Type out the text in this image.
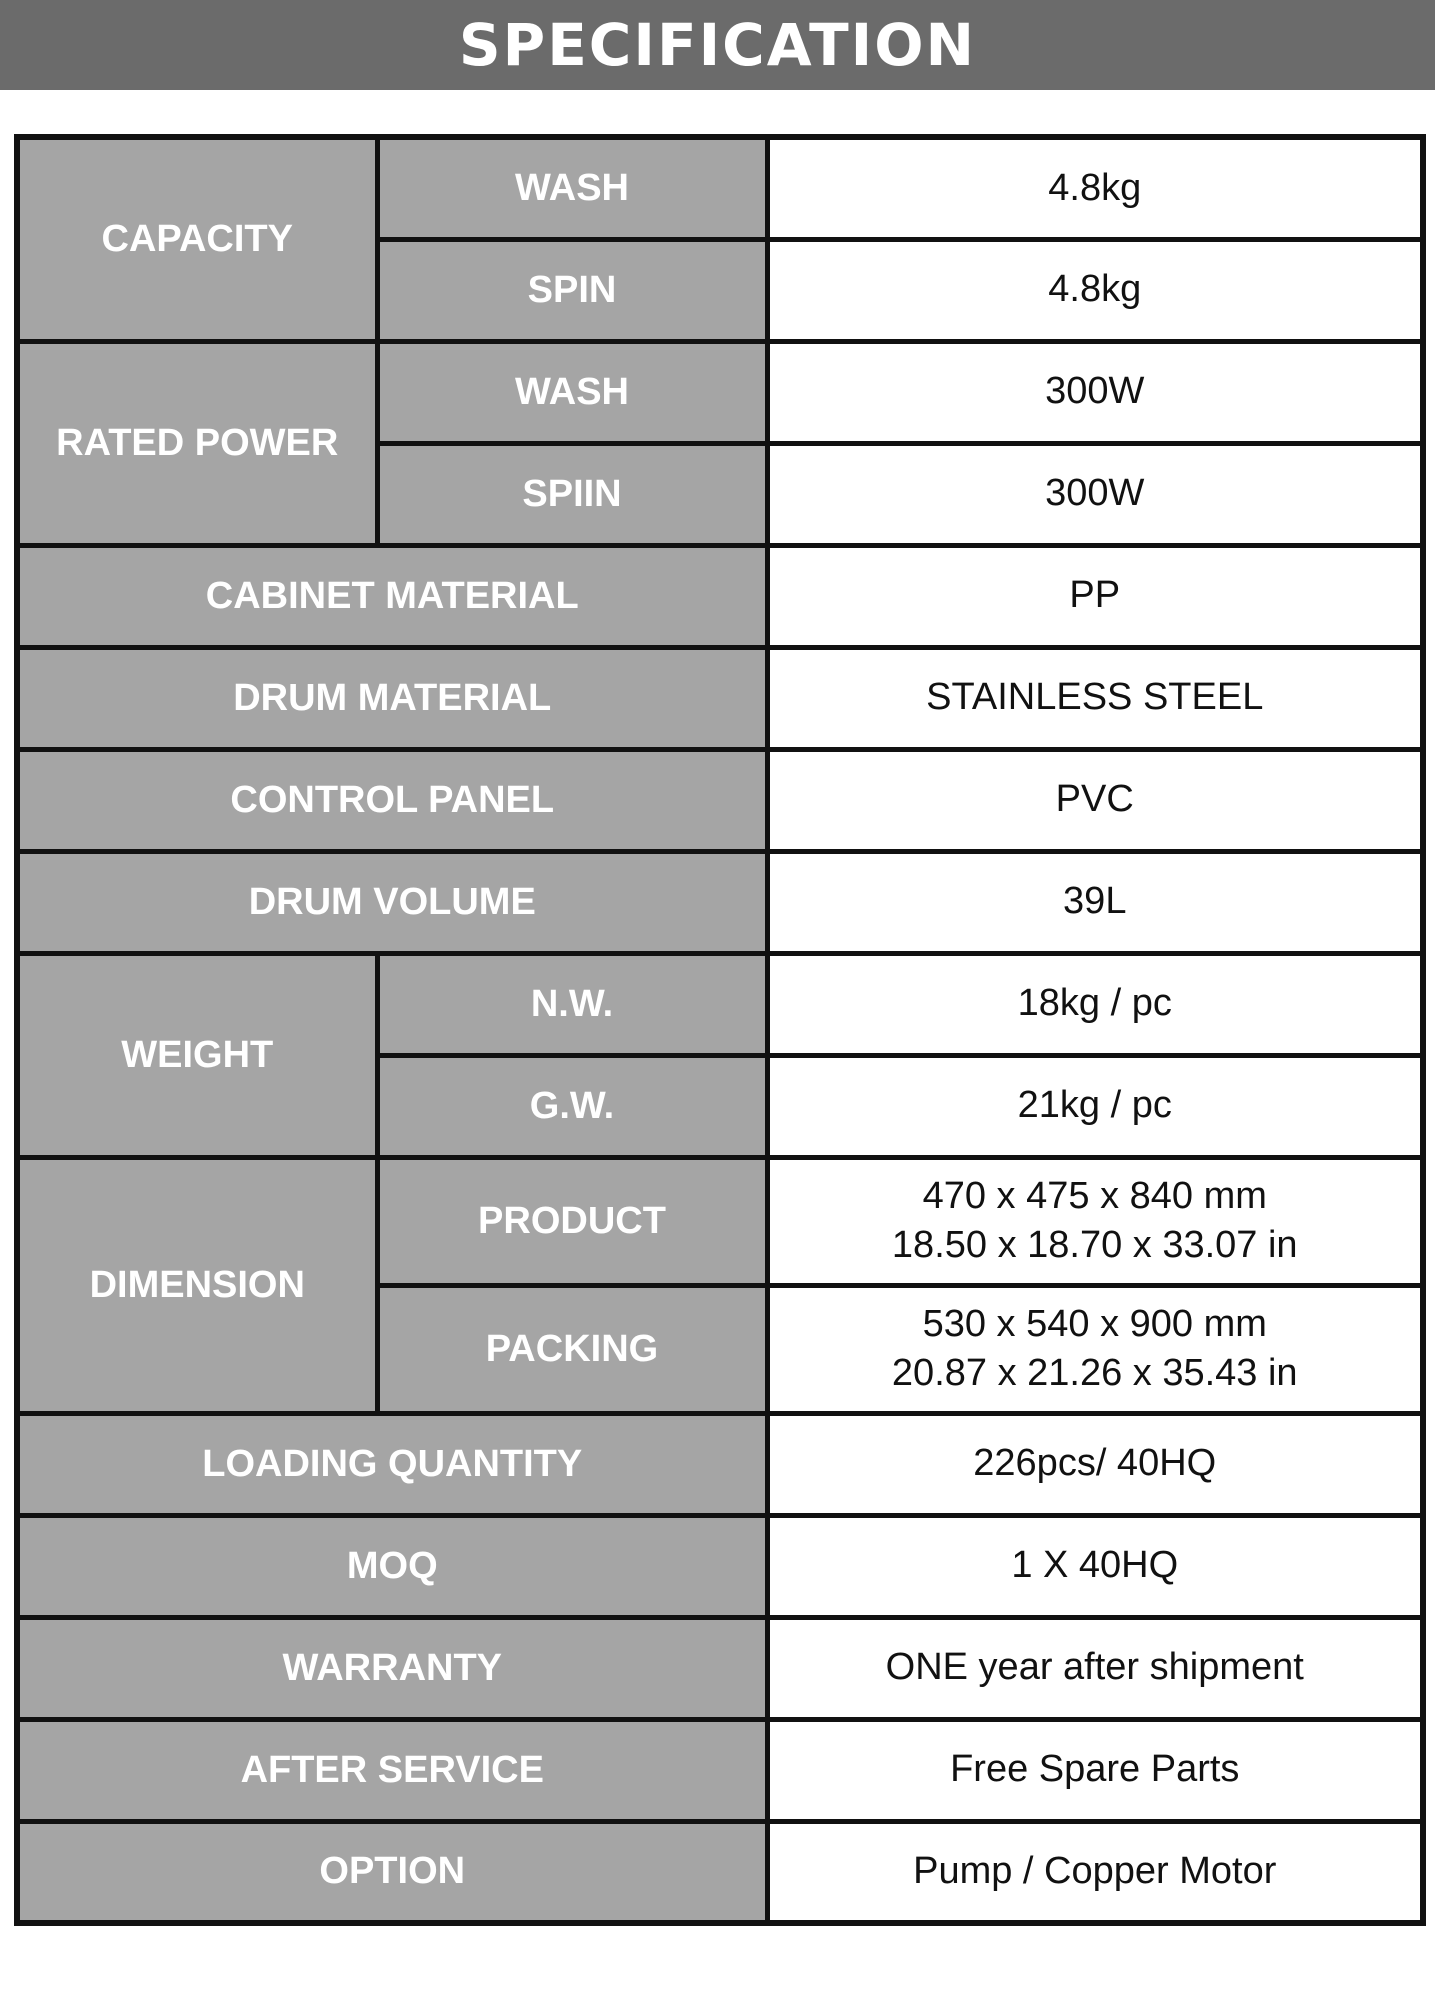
SPECIFICATION
CAPACITY	WASH	4.8kg
	SPIN	4.8kg
RATED POWER	WASH	300W
	SPIIN	300W
CABINET MATERIAL		PP
DRUM MATERIAL		STAINLESS STEEL
CONTROL PANEL		PVC
DRUM VOLUME		39L
WEIGHT	N.W.	18kg / pc
	G.W.	21kg / pc
DIMENSION	PRODUCT	470 x 475 x 840 mm
18.50 x 18.70 x 33.07 in

	PACKING	530 x 540 x 900 mm
20.87 x 21.26 x 35.43 in

LOADING QUANTITY		226pcs/ 40HQ
MOQ		1 X 40HQ
WARRANTY		ONE year after shipment
AFTER SERVICE		Free Spare Parts
OPTION		Pump / Copper Motor
